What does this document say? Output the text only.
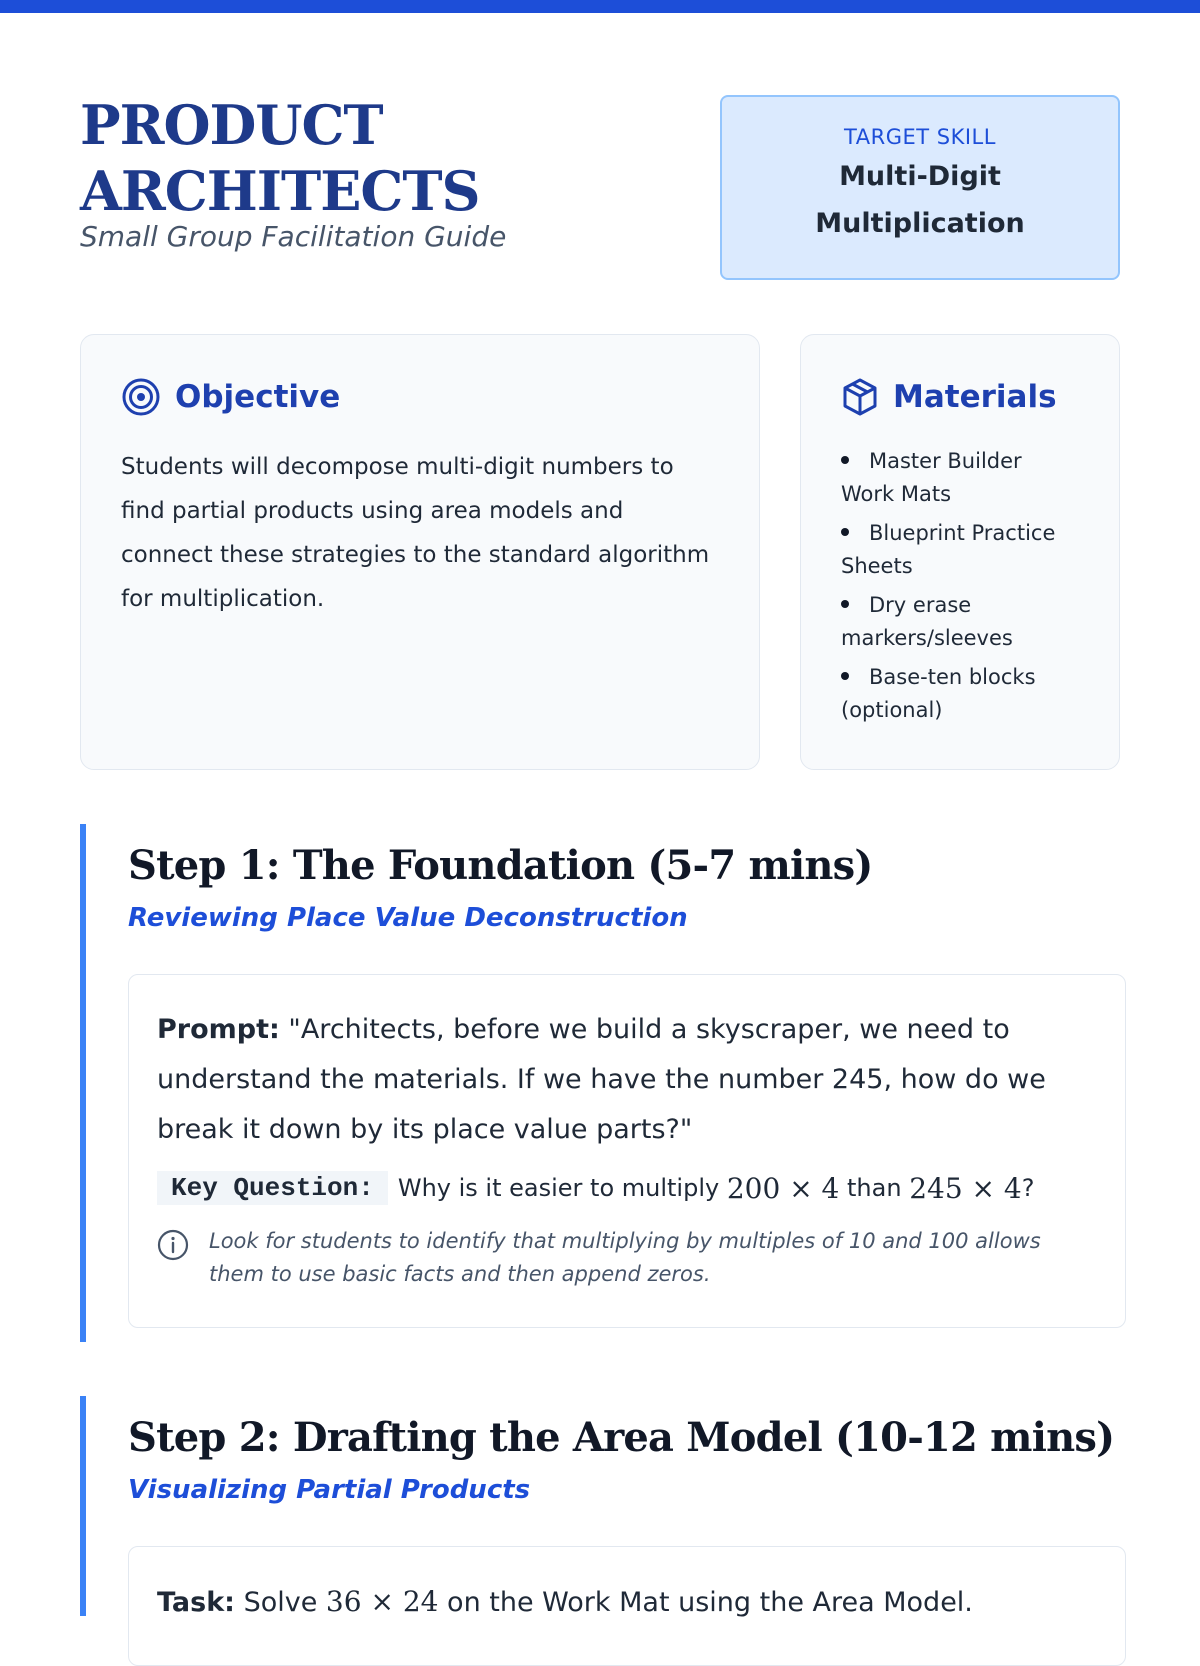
PRODUCT
ARCHITECTS
Small Group Facilitation Guide
TARGET SKILL
Multi-Digit
Multiplication
Objective

Students will decompose multi-digit numbers to find partial products using area models and connect these strategies to the standard algorithm for multiplication.

Materials
Master Builder Work Mats
Blueprint Practice Sheets
Dry erase markers/sleeves
Base-ten blocks (optional)
Step 1: The Foundation (5-7 mins)
Reviewing Place Value Deconstruction

Prompt: "Architects, before we build a skyscraper, we need to understand the materials. If we have the number 245, how do we break it down by its place value parts?"

Key Question:	Why is it easier to multiply
200 × 4
than
245 × 4 ?

Look for students to identify that multiplying by multiples of 10 and 100 allows them to use basic facts and then append zeros.

Step 2: Drafting the Area Model (10-12 mins)
Visualizing Partial Products

Task: Solve 36 × 24 on the Work Mat using the Area Model.
